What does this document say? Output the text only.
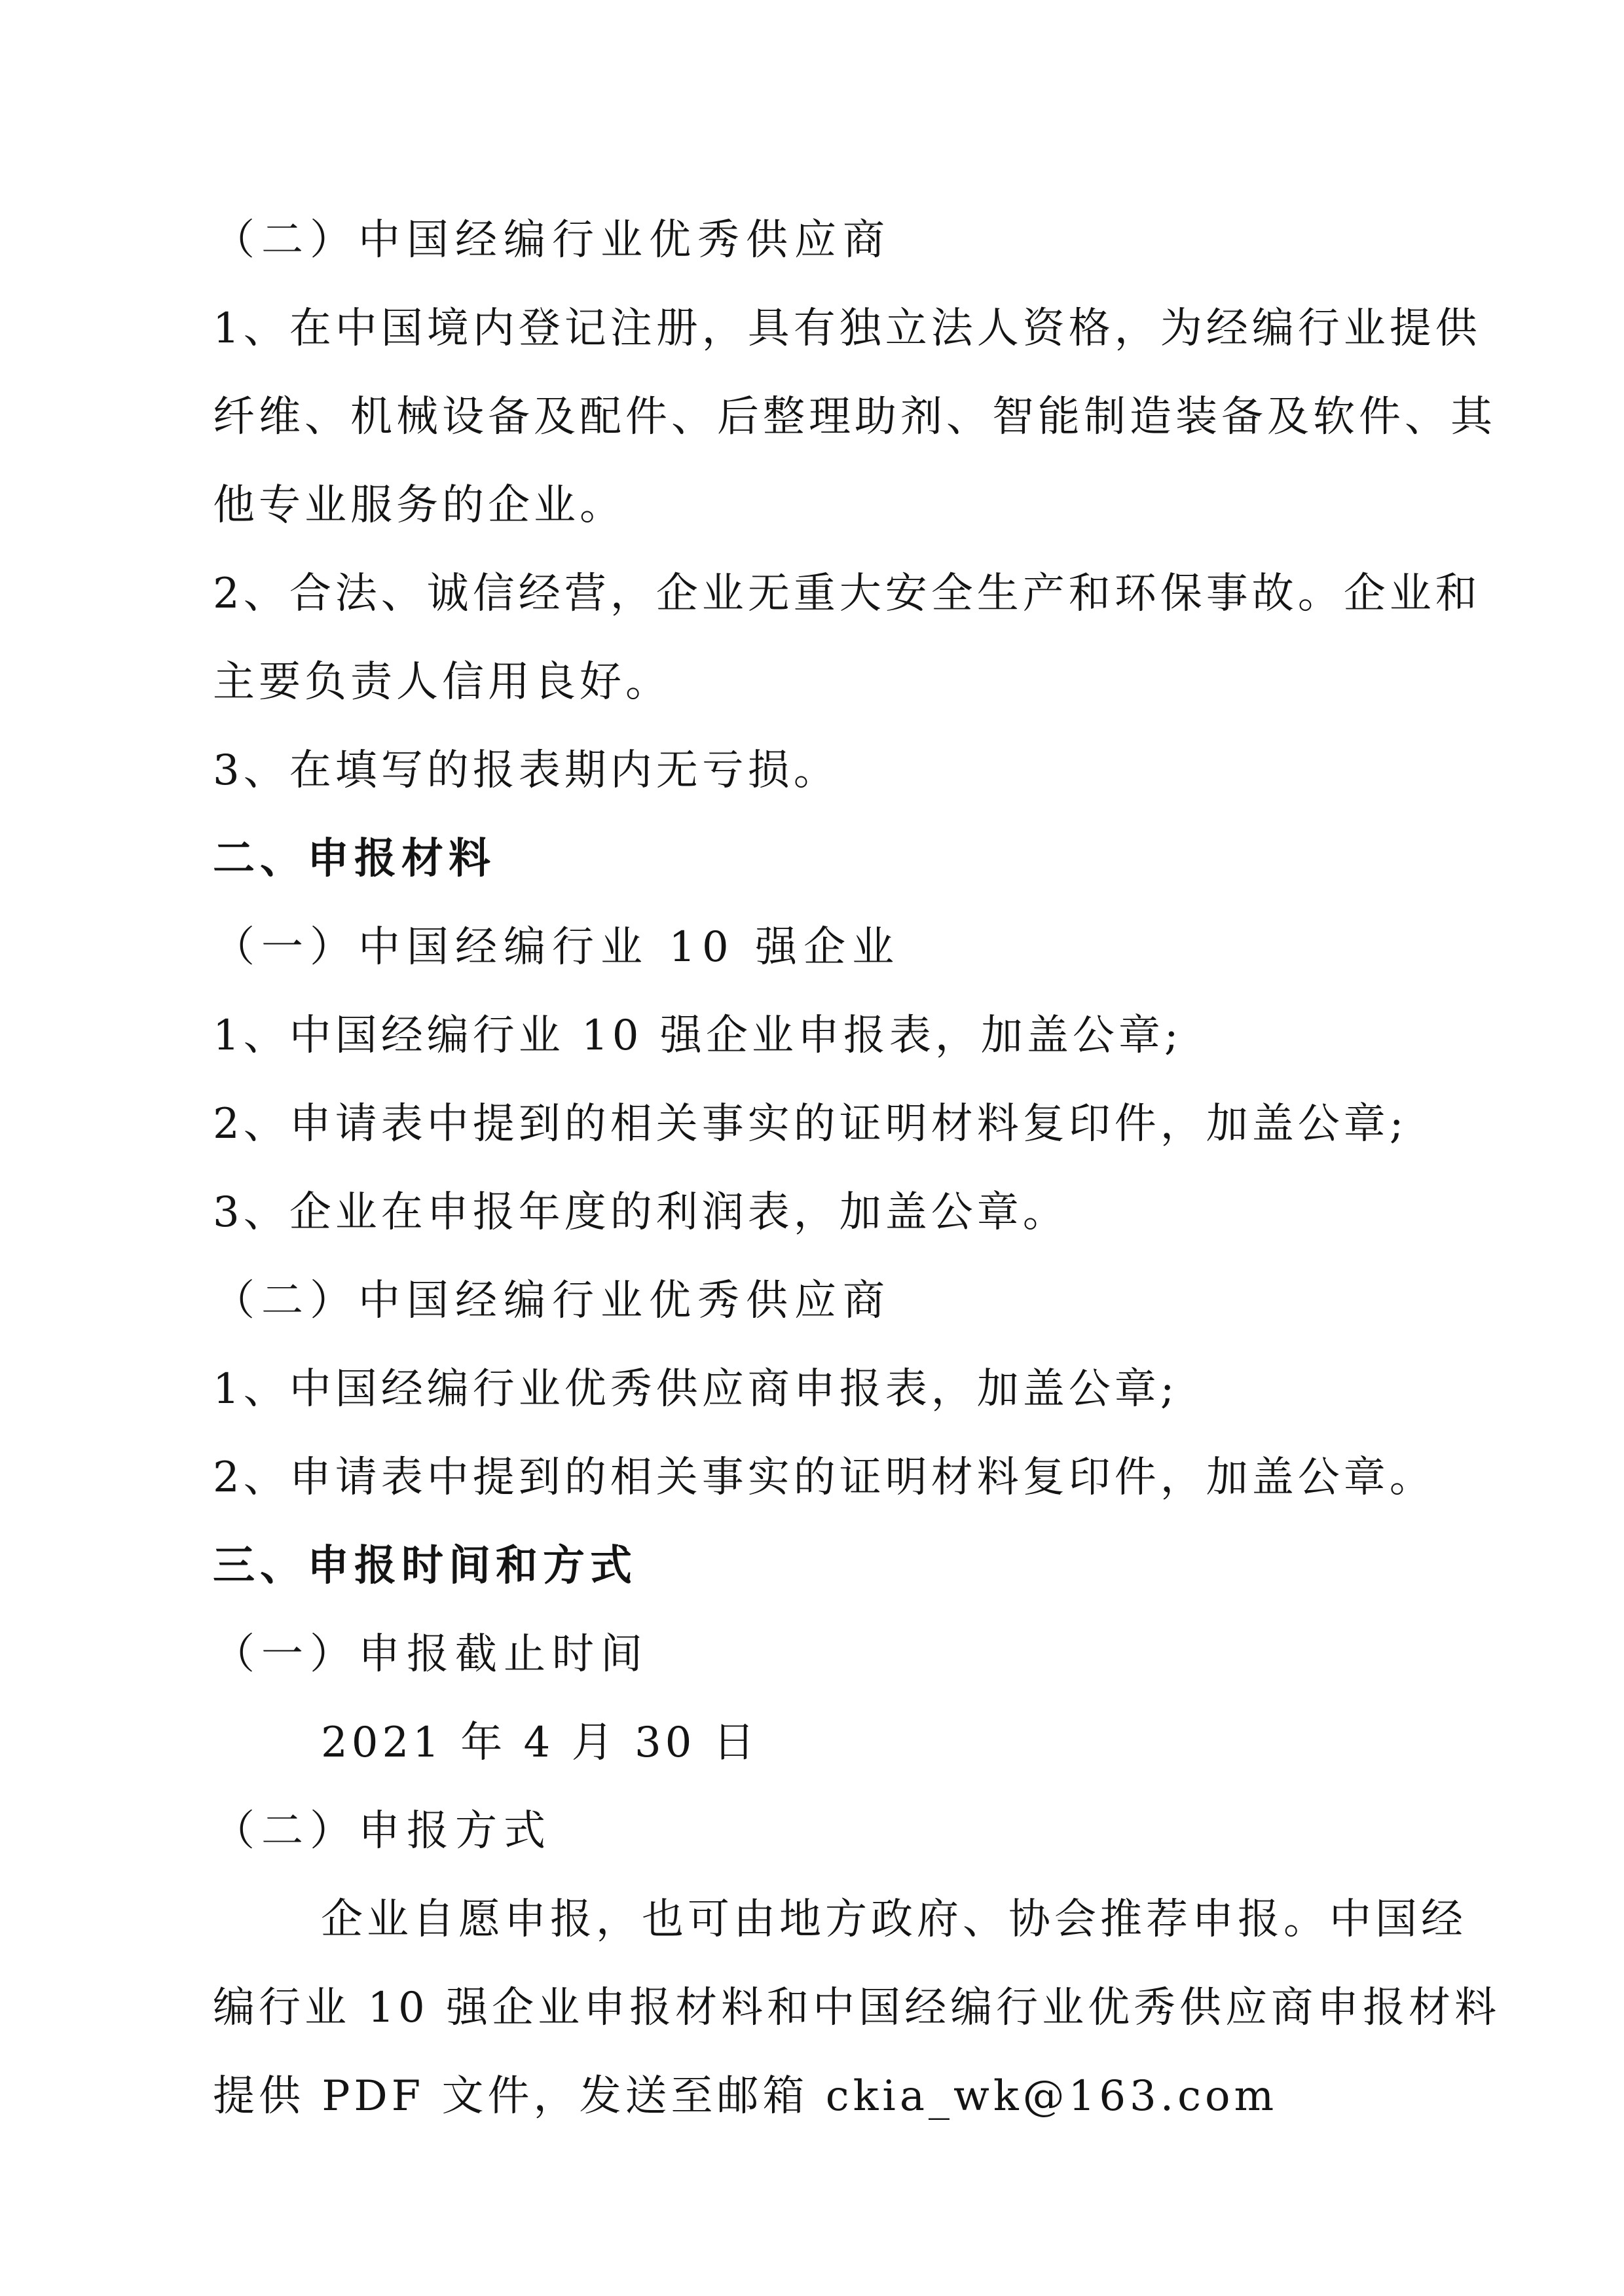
（二）中国经编行业优秀供应商
1、在中国境内登记注册，具有独立法人资格，为经编行业提供
纤维、机械设备及配件、后整理助剂、智能制造装备及软件、其
他专业服务的企业。
2、合法、诚信经营，企业无重大安全生产和环保事故。企业和
主要负责人信用良好。
3、在填写的报表期内无亏损。
二、申报材料
（一）中国经编行业 10 强企业
1、中国经编行业 10 强企业申报表，加盖公章;
2、申请表中提到的相关事实的证明材料复印件，加盖公章;
3、企业在申报年度的利润表，加盖公章。
（二）中国经编行业优秀供应商
1、中国经编行业优秀供应商申报表，加盖公章;
2、申请表中提到的相关事实的证明材料复印件，加盖公章。
三、申报时间和方式
（一）申报截止时间
2021 年 4 月 30 日
（二）申报方式
企业自愿申报，也可由地方政府、协会推荐申报。中国经
编行业 10 强企业申报材料和中国经编行业优秀供应商申报材料
提供 PDF 文件，发送至邮箱 ckia_wk@163.com
